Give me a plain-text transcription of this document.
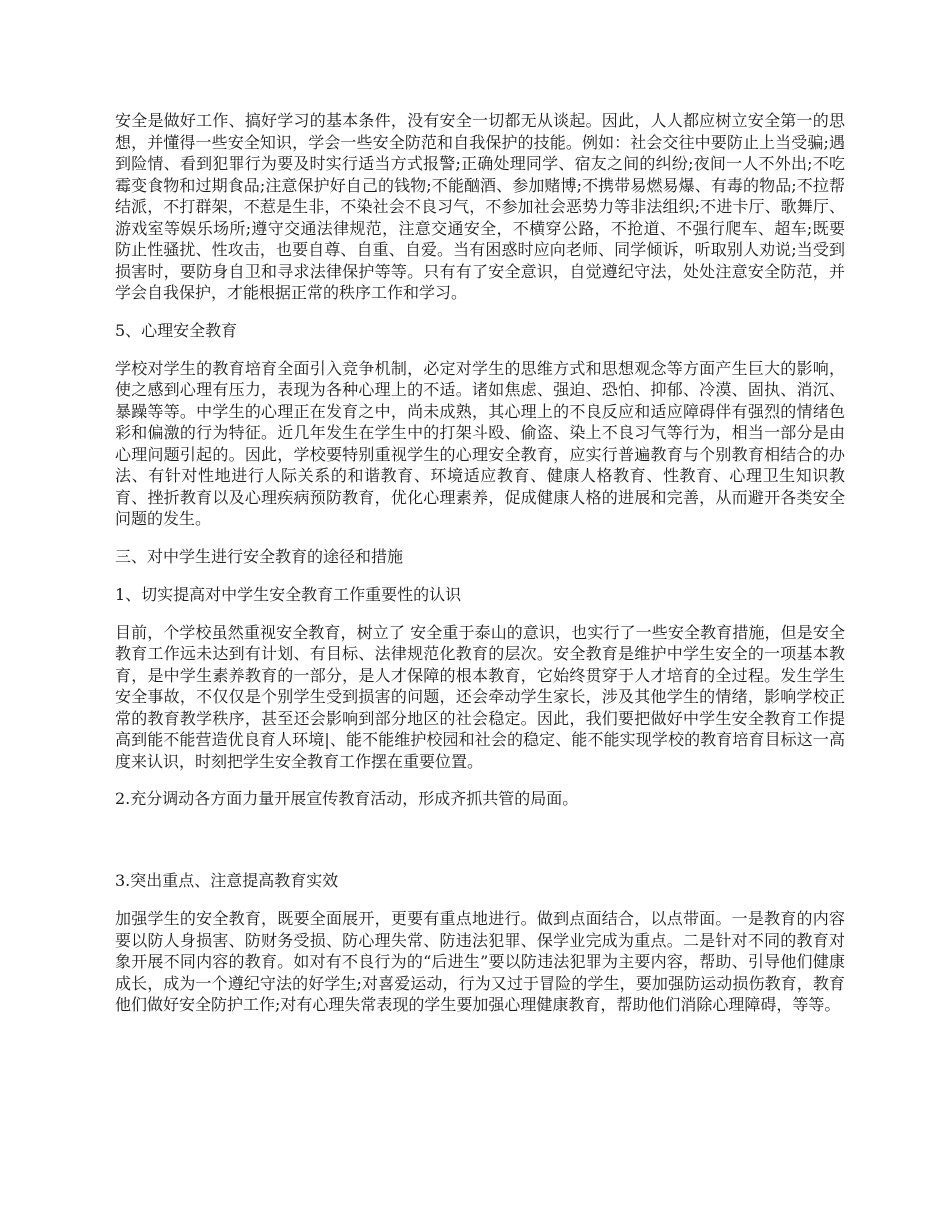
安全是做好工作、搞好学习的基本条件，没有安全一切都无从谈起。因此，人人都应树立安全第一的思想，并懂得一些安全知识，学会一些安全防范和自我保护的技能。例如：社会交往中要防止上当受骗;遇到险情、看到犯罪行为要及时实行适当方式报警;正确处理同学、宿友之间的纠纷;夜间一人不外出;不吃霉变食物和过期食品;注意保护好自己的钱物;不能酗酒、参加赌博;不携带易燃易爆、有毒的物品;不拉帮结派，不打群架，不惹是生非，不染社会不良习气，不参加社会恶势力等非法组织;不进卡厅、歌舞厅、游戏室等娱乐场所;遵守交通法律规范，注意交通安全，不横穿公路，不抢道、不强行爬车、超车;既要防止性骚扰、性攻击，也要自尊、自重、自爱。当有困惑时应向老师、同学倾诉，听取别人劝说;当受到损害时，要防身自卫和寻求法律保护等等。只有有了安全意识，自觉遵纪守法，处处注意安全防范，并学会自我保护，才能根据正常的秩序工作和学习。

5、心理安全教育

学校对学生的教育培育全面引入竞争机制，必定对学生的思维方式和思想观念等方面产生巨大的影响，使之感到心理有压力，表现为各种心理上的不适。诸如焦虑、强迫、恐怕、抑郁、冷漠、固执、消沉、暴躁等等。中学生的心理正在发育之中，尚未成熟，其心理上的不良反应和适应障碍伴有强烈的情绪色彩和偏激的行为特征。近几年发生在学生中的打架斗殴、偷盗、染上不良习气等行为，相当一部分是由心理问题引起的。因此，学校要特别重视学生的心理安全教育，应实行普遍教育与个别教育相结合的办法、有针对性地进行人际关系的和谐教育、环境适应教育、健康人格教育、性教育、心理卫生知识教育、挫折教育以及心理疾病预防教育，优化心理素养，促成健康人格的进展和完善，从而避开各类安全问题的发生。

三、对中学生进行安全教育的途径和措施

1、切实提高对中学生安全教育工作重要性的认识

目前，个学校虽然重视安全教育，树立了 安全重于泰山的意识，也实行了一些安全教育措施，但是安全教育工作远未达到有计划、有目标、法律规范化教育的层次。安全教育是维护中学生安全的一项基本教育，是中学生素养教育的一部分，是人才保障的根本教育，它始终贯穿于人才培育的全过程。发生学生安全事故，不仅仅是个别学生受到损害的问题，还会牵动学生家长，涉及其他学生的情绪，影响学校正常的教育教学秩序，甚至还会影响到部分地区的社会稳定。因此，我们要把做好中学生安全教育工作提高到能不能营造优良育人环境|、能不能维护校园和社会的稳定、能不能实现学校的教育培育目标这一高度来认识，时刻把学生安全教育工作摆在重要位置。

2.充分调动各方面力量开展宣传教育活动，形成齐抓共管的局面。

3.突出重点、注意提高教育实效

加强学生的安全教育，既要全面展开，更要有重点地进行。做到点面结合，以点带面。一是教育的内容要以防人身损害、防财务受损、防心理失常、防违法犯罪、保学业完成为重点。二是针对不同的教育对象开展不同内容的教育。如对有不良行为的“后进生”要以防违法犯罪为主要内容，帮助、引导他们健康成长，成为一个遵纪守法的好学生;对喜爱运动，行为又过于冒险的学生，要加强防运动损伤教育，教育他们做好安全防护工作;对有心理失常表现的学生要加强心理健康教育，帮助他们消除心理障碍，等等。
